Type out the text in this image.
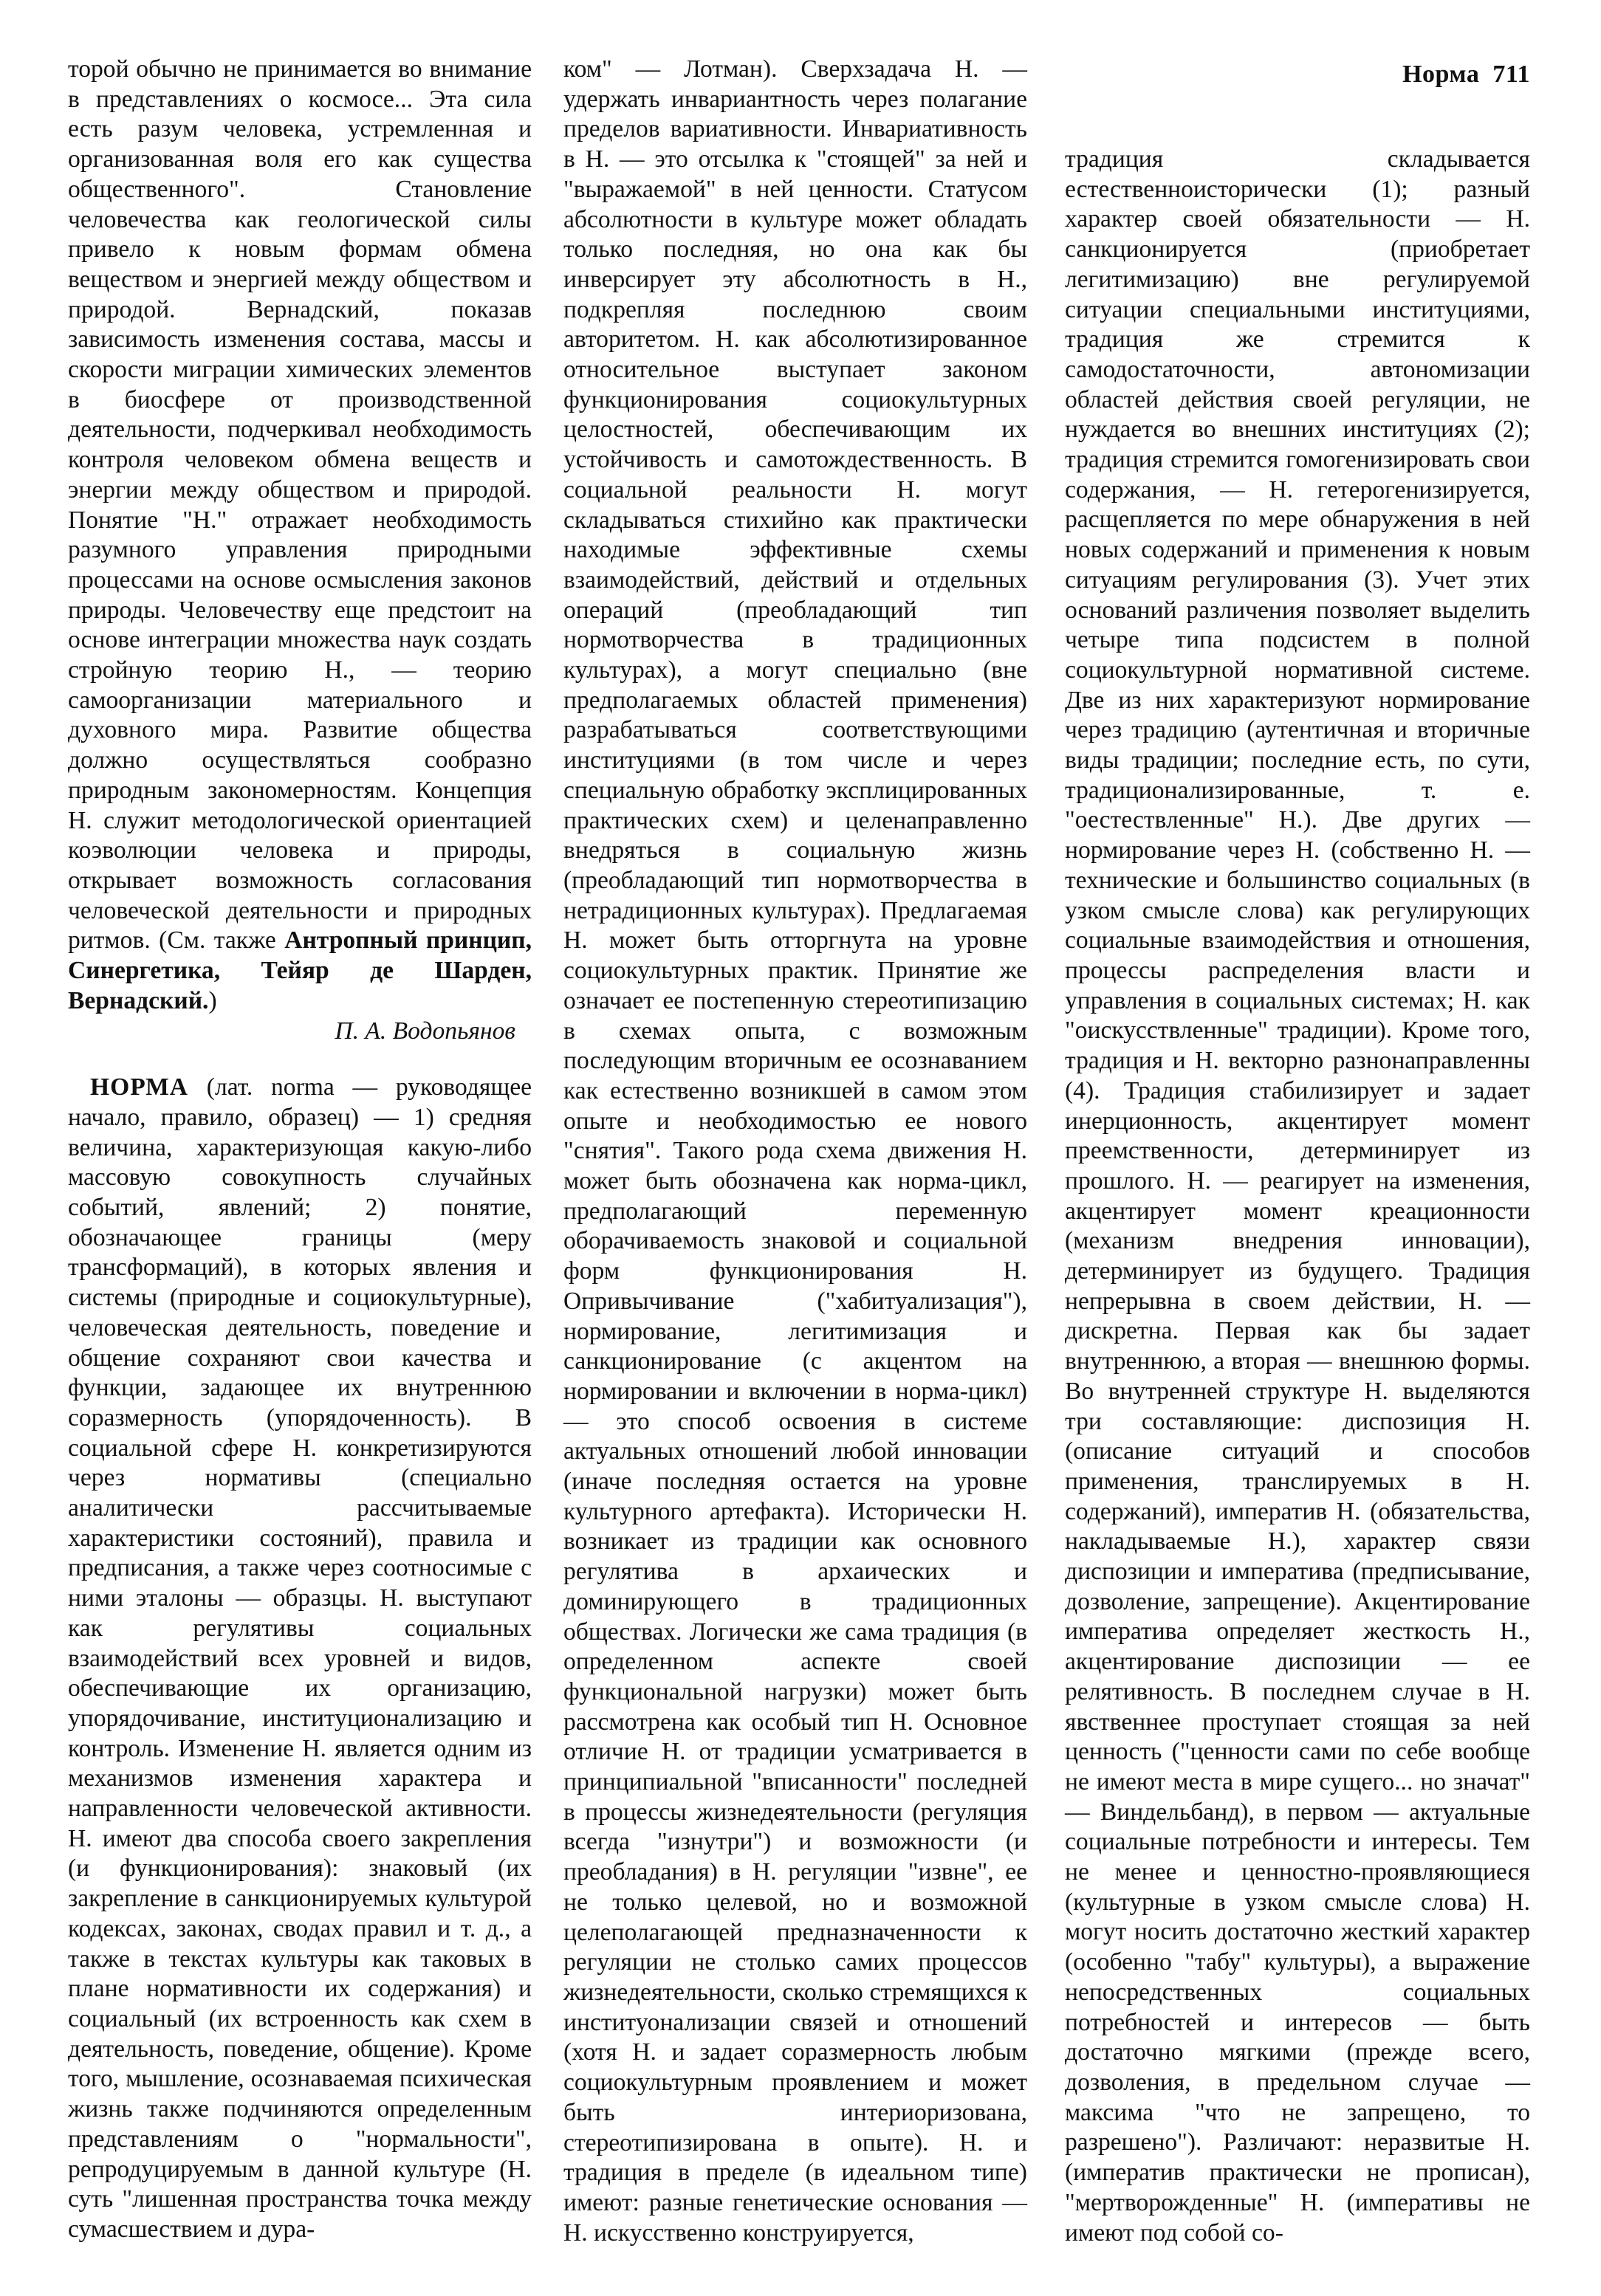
Норма 711

торой обычно не принимается во внимание в представлениях о космосе... Эта сила есть разум человека, устремленная и организованная воля его как существа общественного". Становление человечества как геологической силы привело к новым формам обмена веществом и энергией между обществом и природой. Вернадский, показав зависимость изменения состава, массы и скорости миграции химических элементов в биосфере от производственной деятельности, подчеркивал необходимость контроля человеком обмена веществ и энергии между обществом и природой. Понятие "Н." отражает необходимость разумного управления природными процессами на основе осмысления законов природы. Человечеству еще предстоит на основе интеграции множества наук создать стройную теорию Н., — теорию самоорганизации материального и духовного мира. Развитие общества должно осуществляться сообразно природным закономерностям. Концепция Н. служит методологической ориентацией коэволюции человека и природы, открывает возможность согласования человеческой деятельности и природных ритмов. (См. также Антропный принцип, Синергетика, Тейяр де Шарден, Вернадский.)

П. А. Водопьянов

НОРМА (лат. norma — руководящее начало, правило, образец) — 1) средняя величина, характеризующая какую-либо массовую совокупность случайных событий, явлений; 2) понятие, обозначающее границы (меру трансформаций), в которых явления и системы (природные и социокультурные), человеческая деятельность, поведение и общение сохраняют свои качества и функции, задающее их внутреннюю соразмерность (упорядоченность). В социальной сфере Н. конкретизируются через нормативы (специально аналитически рассчитываемые характеристики состояний), правила и предписания, а также через соотносимые с ними эталоны — образцы. Н. выступают как регулятивы социальных взаимодействий всех уровней и видов, обеспечивающие их организацию, упорядочивание, институционализацию и контроль. Изменение Н. является одним из механизмов изменения характера и направленности человеческой активности. Н. имеют два способа своего закрепления (и функционирования): знаковый (их закрепление в санкционируемых культурой кодексах, законах, сводах правил и т. д., а также в текстах культуры как таковых в плане нормативности их содержания) и социальный (их встроенность как схем в деятельность, поведение, общение). Кроме того, мышление, осознаваемая психическая жизнь также подчиняются определенным представлениям о "нормальности", репродуцируемым в данной культуре (Н. суть "лишенная пространства точка между сумасшествием и дура-

ком" — Лотман). Сверхзадача Н. — удержать инвариантность через полагание пределов вариативности. Инвариативность в Н. — это отсылка к "стоящей" за ней и "выражаемой" в ней ценности. Статусом абсолютности в культуре может обладать только последняя, но она как бы инверсирует эту абсолютность в Н., подкрепляя последнюю своим авторитетом. Н. как абсолютизированное относительное выступает законом функционирования социокультурных целостностей, обеспечивающим их устойчивость и самотождественность. В социальной реальности Н. могут складываться стихийно как практически находимые эффективные схемы взаимодействий, действий и отдельных операций (преобладающий тип нормотворчества в традиционных культурах), а могут специально (вне предполагаемых областей применения) разрабатываться соответствующими институциями (в том числе и через специальную обработку эксплицированных практических схем) и целенаправленно внедряться в социальную жизнь (преобладающий тип нормотворчества в нетрадиционных культурах). Предлагаемая Н. может быть отторгнута на уровне социокультурных практик. Принятие же означает ее постепенную стереотипизацию в схемах опыта, с возможным последующим вторичным ее осознаванием как естественно возникшей в самом этом опыте и необходимостью ее нового "снятия". Такого рода схема движения Н. может быть обозначена как норма-цикл, предполагающий переменную оборачиваемость знаковой и социальной форм функционирования Н. Опривычивание ("хабитуализация"), нормирование, легитимизация и санкционирование (с акцентом на нормировании и включении в норма-цикл) — это способ освоения в системе актуальных отношений любой инновации (иначе последняя остается на уровне культурного артефакта). Исторически Н. возникает из традиции как основного регулятива в архаических и доминирующего в традиционных обществах. Логически же сама традиция (в определенном аспекте своей функциональной нагрузки) может быть рассмотрена как особый тип Н. Основное отличие Н. от традиции усматривается в принципиальной "вписанности" последней в процессы жизнедеятельности (регуляция всегда "изнутри") и возможности (и преобладания) в Н. регуляции "извне", ее не только целевой, но и возможной целеполагающей предназначенности к регуляции не столько самих процессов жизнедеятельности, сколько стремящихся к институонализации связей и отношений (хотя Н. и задает соразмерность любым социокультурным проявлением и может быть интериоризована, стереотипизирована в опыте). Н. и традиция в пределе (в идеальном типе) имеют: разные генетические основания — Н. искусственно конструируется,

традиция складывается естественноисторически (1); разный характер своей обязательности — Н. санкционируется (приобретает легитимизацию) вне регулируемой ситуации специальными институциями, традиция же стремится к самодостаточности, автономизации областей действия своей регуляции, не нуждается во внешних институциях (2); традиция стремится гомогенизировать свои содержания, — Н. гетерогенизируется, расщепляется по мере обнаружения в ней новых содержаний и применения к новым ситуациям регулирования (3). Учет этих оснований различения позволяет выделить четыре типа подсистем в полной социокультурной нормативной системе. Две из них характеризуют нормирование через традицию (аутентичная и вторичные виды традиции; последние есть, по сути, традиционализированные, т. е. "оестествленные" Н.). Две других — нормирование через Н. (собственно Н. — технические и большинство социальных (в узком смысле слова) как регулирующих социальные взаимодействия и отношения, процессы распределения власти и управления в социальных системах; Н. как "оискусствленные" традиции). Кроме того, традиция и Н. векторно разнонаправленны (4). Традиция стабилизирует и задает инерционность, акцентирует момент преемственности, детерминирует из прошлого. Н. — реагирует на изменения, акцентирует момент креационности (механизм внедрения инновации), детерминирует из будущего. Традиция непрерывна в своем действии, Н. — дискретна. Первая как бы задает внутреннюю, а вторая — внешнюю формы. Во внутренней структуре Н. выделяются три составляющие: диспозиция Н. (описание ситуаций и способов применения, транслируемых в Н. содержаний), императив Н. (обязательства, накладываемые Н.), характер связи диспозиции и императива (предписывание, дозволение, запрещение). Акцентирование императива определяет жесткость Н., акцентирование диспозиции — ее релятивность. В последнем случае в Н. явственнее проступает стоящая за ней ценность ("ценности сами по себе вообще не имеют места в мире сущего... но значат" — Виндельбанд), в первом — актуальные социальные потребности и интересы. Тем не менее и ценностно-проявляющиеся (культурные в узком смысле слова) Н. могут носить достаточно жесткий характер (особенно "табу" культуры), а выражение непосредственных социальных потребностей и интересов — быть достаточно мягкими (прежде всего, дозволения, в предельном случае — максима "что не запрещено, то разрешено"). Различают: неразвитые Н. (императив практически не прописан), "мертворожденные" Н. (императивы не имеют под собой со-
